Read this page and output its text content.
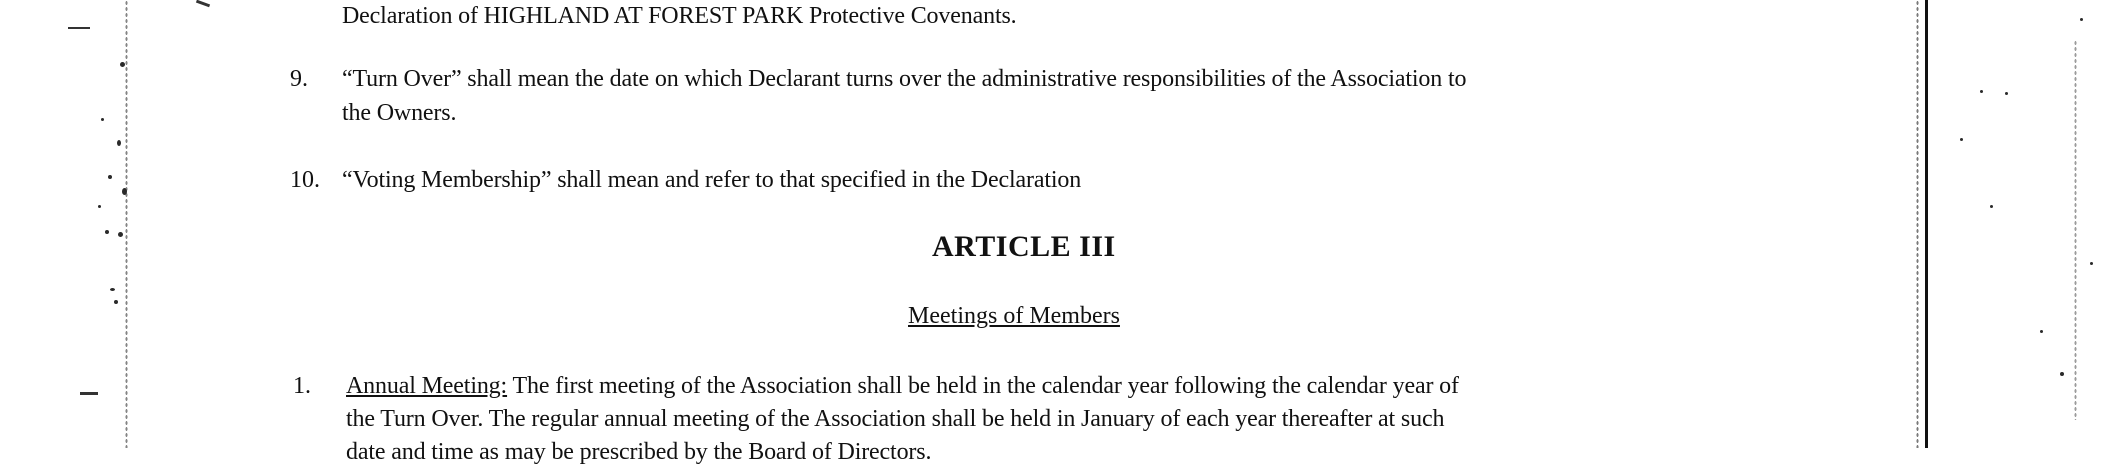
Declaration of HIGHLAND AT FOREST PARK Protective Covenants.
9. “Turn Over” shall mean the date on which Declarant turns over the administrative responsibilities of the Association to
the Owners.
10. “Voting Membership” shall mean and refer to that specified in the Declaration
ARTICLE III
Meetings of Members
1. Annual Meeting: The first meeting of the Association shall be held in the calendar year following the calendar year of
the Turn Over. The regular annual meeting of the Association shall be held in January of each year thereafter at such
date and time as may be prescribed by the Board of Directors.
